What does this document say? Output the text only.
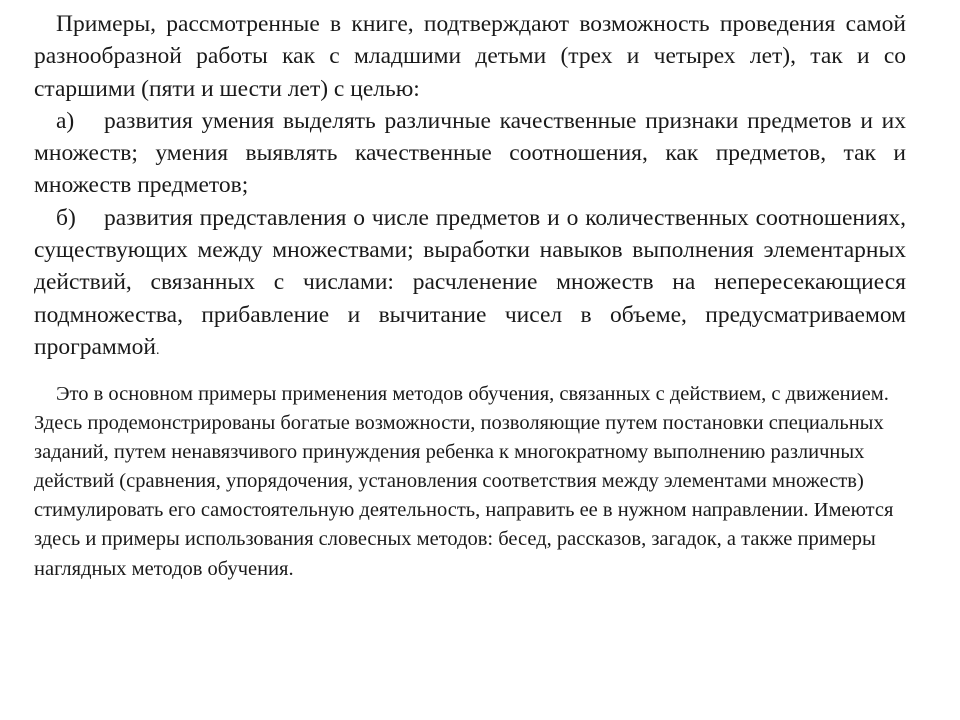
Примеры, рассмотренные в книге, подтверждают возможность проведения самой разнообразной работы как с младшими детьми (трех и четырех лет), так и со старшими (пяти и шести лет) с целью:

а) развития умения выделять различные качественные признаки предметов и их множеств; умения выявлять качественные соотношения, как предметов, так и множеств предметов;

б) развития представления о числе предметов и о количественных соотношениях, существующих между множествами; выработки навыков выполнения элементарных действий, связанных с числами: расчленение множеств на непересекающиеся подмножества, прибавление и вычитание чисел в объеме, предусматриваемом программой.

Это в основном примеры применения методов обучения, связанных с действием, с движением. Здесь продемонстрированы богатые возможности, позволяющие путем постановки специальных заданий, путем ненавязчивого принуждения ребенка к многократному выполнению различных действий (сравнения, упорядочения, установления соответствия между элементами множеств) стимулировать его самостоятельную деятельность, направить ее в нужном направлении. Имеются здесь и примеры использования словесных методов: бесед, рассказов, загадок, а также примеры наглядных методов обучения.
